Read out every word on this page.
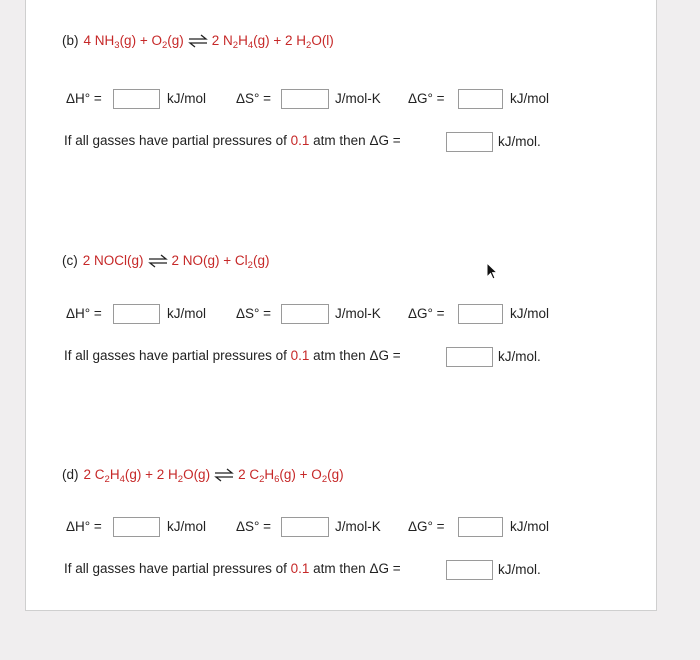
(b) 4 $NH_3(g) + O_2(g)$ ⇌ 2 $N_2H_4(g) + 2$ $H_2O(l)$
ΔH° =	kJ/mol ΔS° =	J/mol-K ΔG° =	kJ/mol
If all gasses have partial pressures of 0.1 atm then ΔG =	kJ/mol.
(c) 2 NOCl(g) ⇌ 2 $NO(g) + Cl_2(g)$
ΔH° =	kJ/mol ΔS° =	J/mol-K ΔG° =	kJ/mol
If all gasses have partial pressures of 0.1 atm then ΔG =	kJ/mol.
(d) 2 $C_2H_4(g) + 2$ $H_2O(g)$ ⇌ 2 $C_2H_6(g) + O_2(g)$
ΔH° =	kJ/mol ΔS° =	J/mol-K ΔG° =	kJ/mol
If all gasses have partial pressures of 0.1 atm then ΔG =	kJ/mol.
